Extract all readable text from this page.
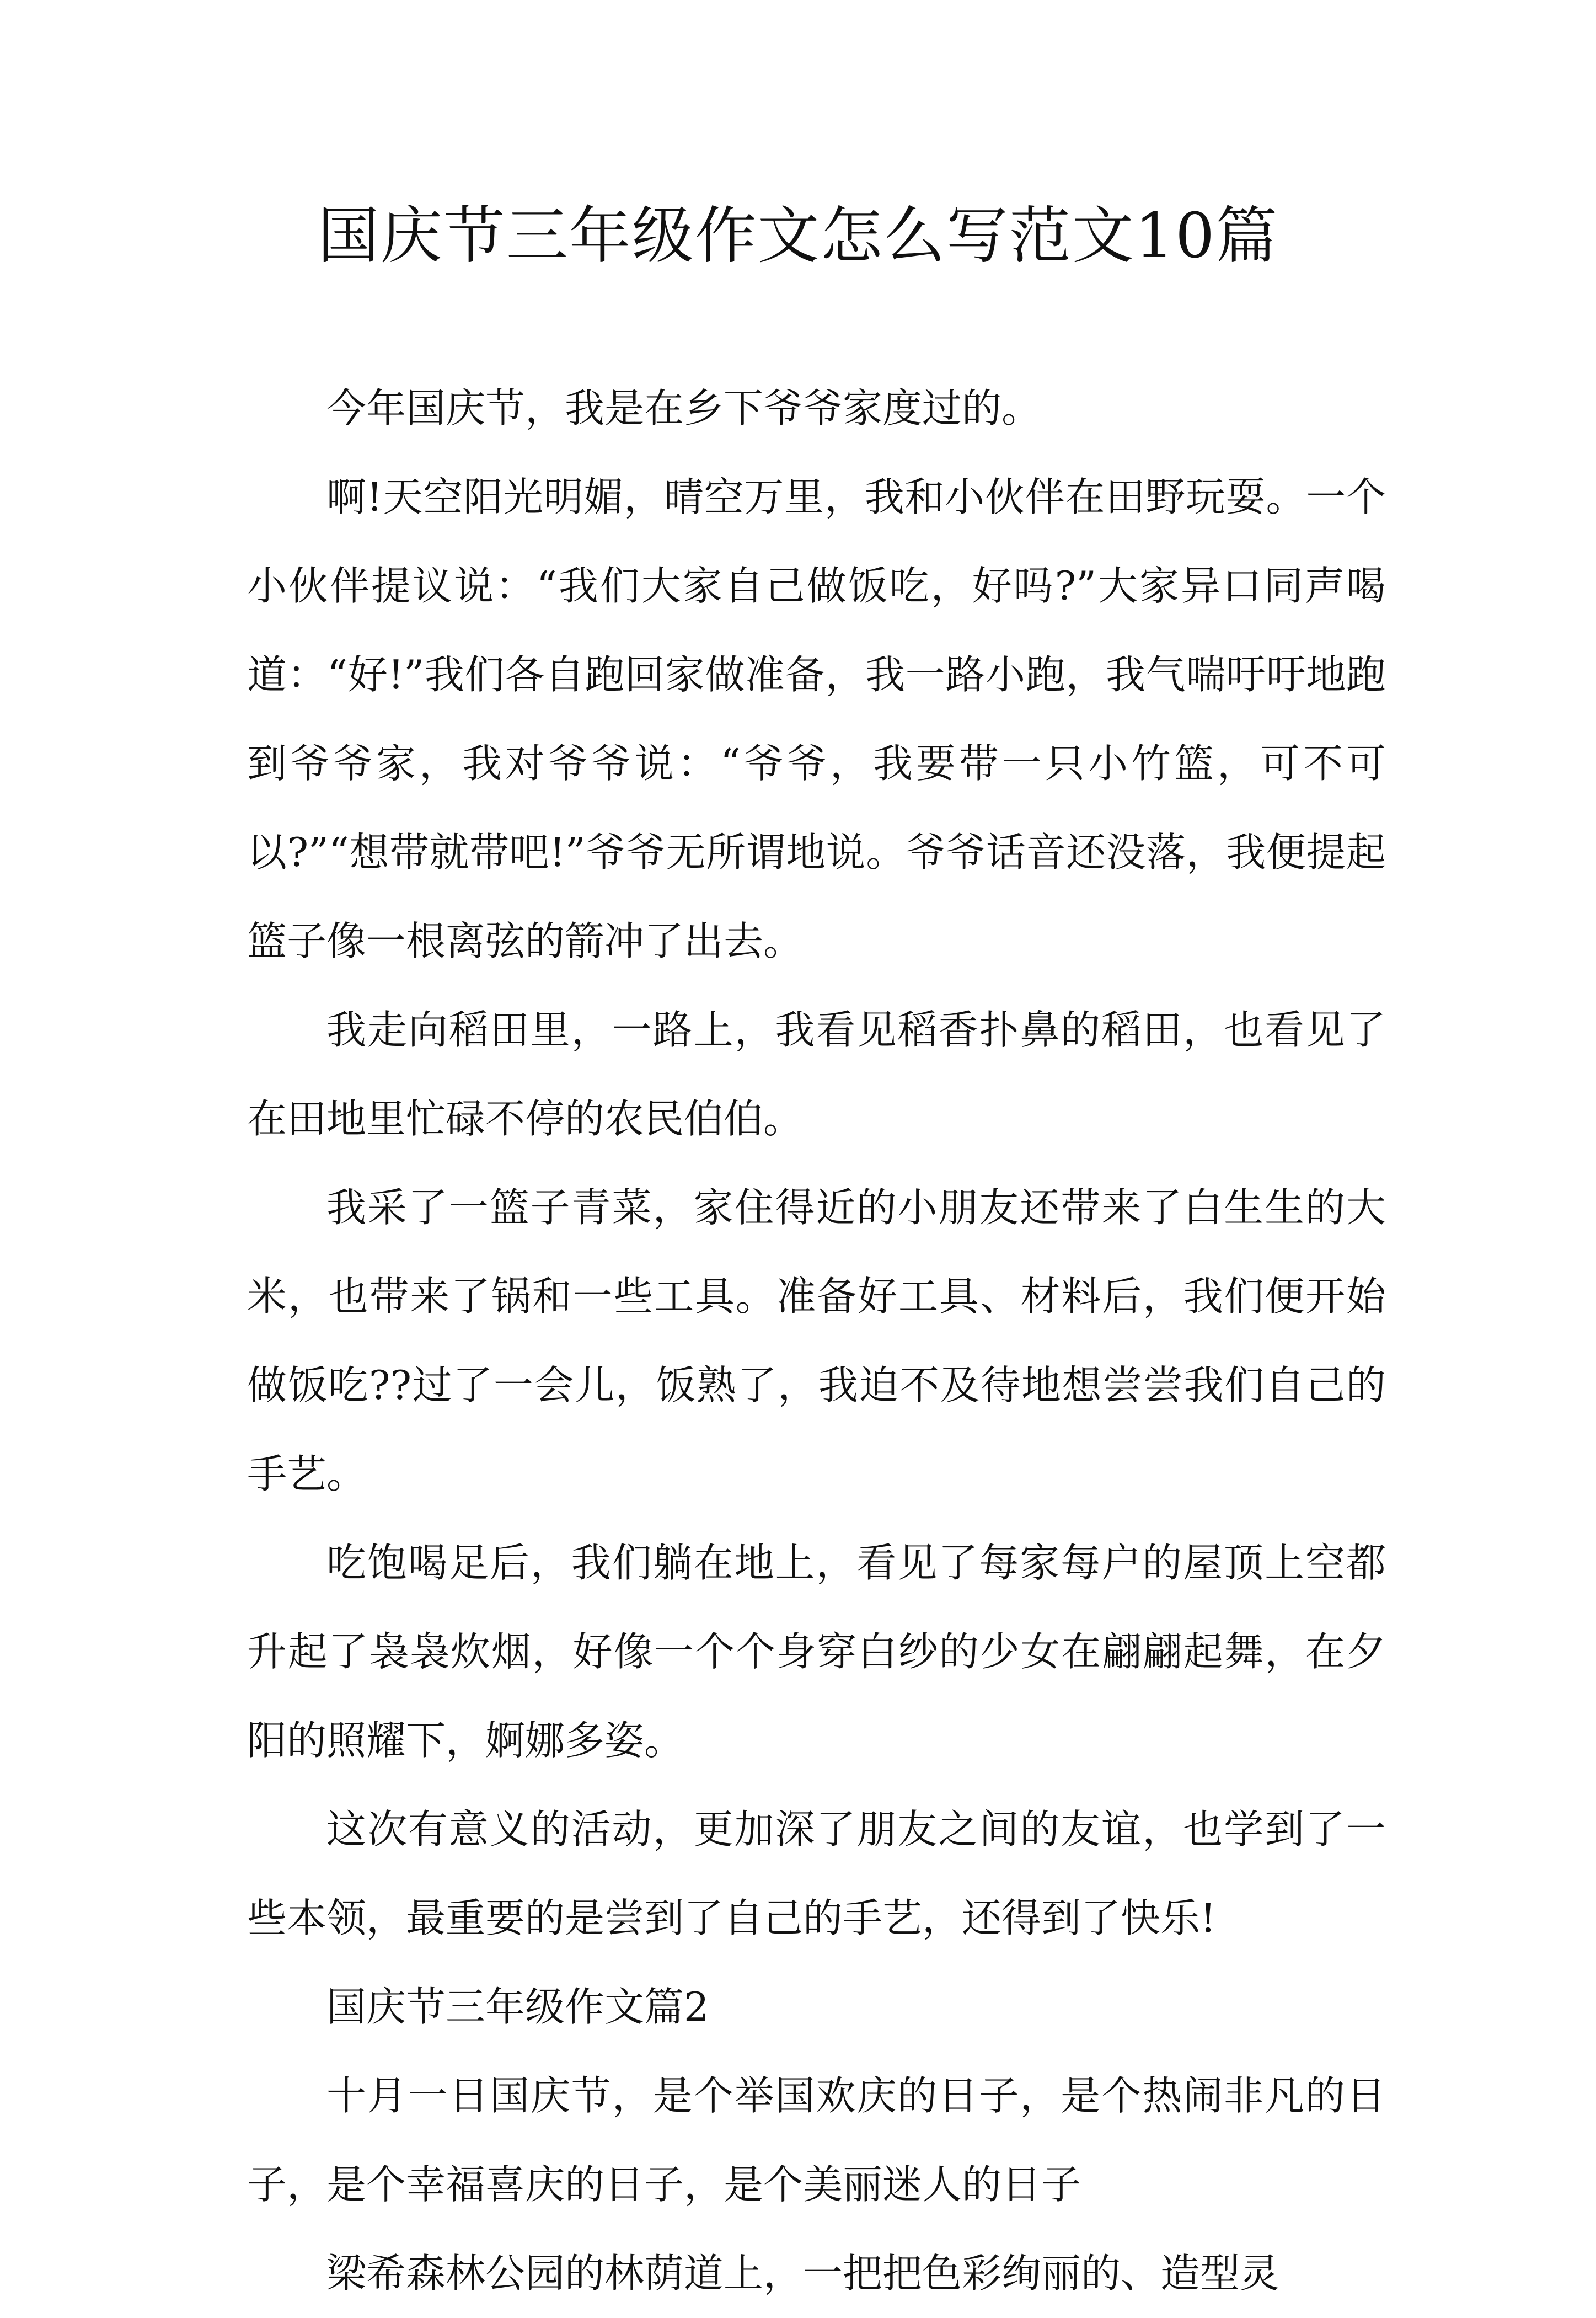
国庆节三年级作文怎么写范文10篇

今年国庆节，我是在乡下爷爷家度过的。

啊!天空阳光明媚，晴空万里，我和小伙伴在田野玩耍。一个小伙伴提议说：“我们大家自己做饭吃，好吗?”大家异口同声喝道：“好!”我们各自跑回家做准备，我一路小跑，我气喘吁吁地跑到爷爷家，我对爷爷说：“爷爷，我要带一只小竹篮，可不可以?”“想带就带吧!”爷爷无所谓地说。爷爷话音还没落，我便提起篮子像一根离弦的箭冲了出去。

我走向稻田里，一路上，我看见稻香扑鼻的稻田，也看见了在田地里忙碌不停的农民伯伯。

我采了一篮子青菜，家住得近的小朋友还带来了白生生的大米，也带来了锅和一些工具。准备好工具、材料后，我们便开始做饭吃??过了一会儿，饭熟了，我迫不及待地想尝尝我们自己的手艺。

吃饱喝足后，我们躺在地上，看见了每家每户的屋顶上空都升起了袅袅炊烟，好像一个个身穿白纱的少女在翩翩起舞，在夕阳的照耀下，婀娜多姿。

这次有意义的活动，更加深了朋友之间的友谊，也学到了一些本领，最重要的是尝到了自己的手艺，还得到了快乐!

国庆节三年级作文篇2

十月一日国庆节，是个举国欢庆的日子，是个热闹非凡的日子，是个幸福喜庆的日子，是个美丽迷人的日子

梁希森林公园的林荫道上，一把把色彩绚丽的、造型灵
